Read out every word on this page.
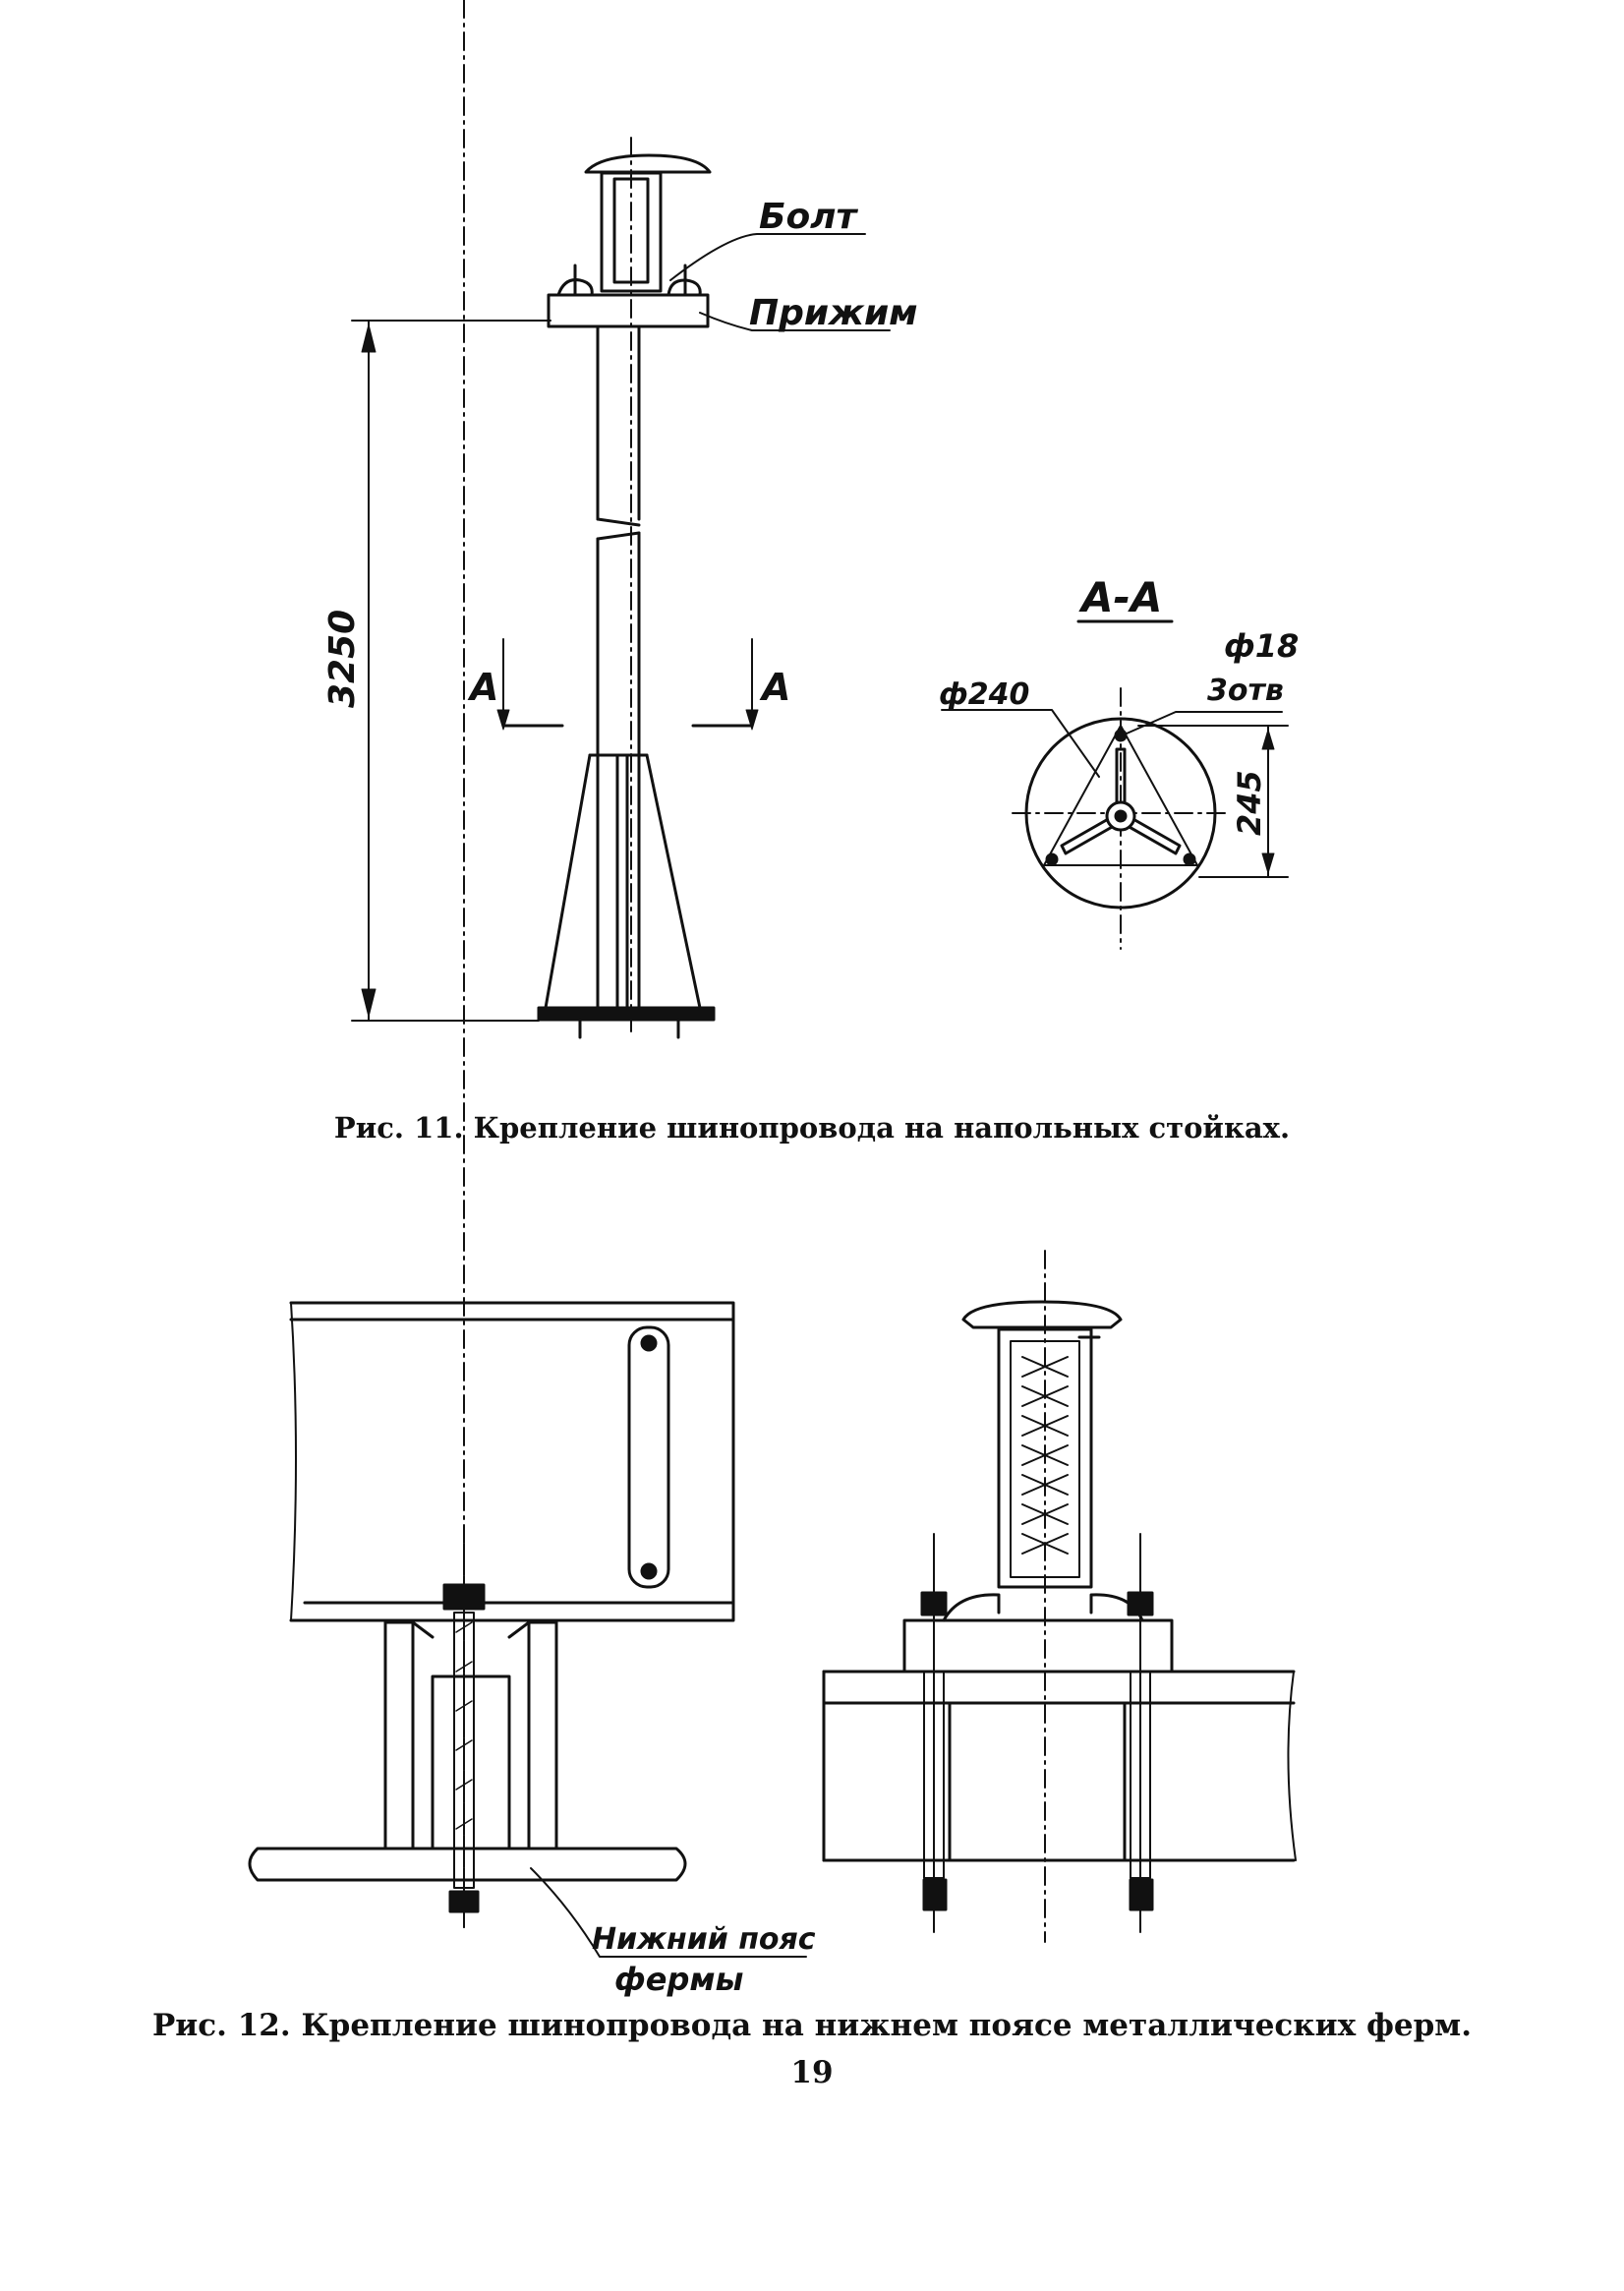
Болт
Прижим
3250	А	А
А-А
ф240
ф18
3отв
245
Нижний пояс
фермы
Рис. 11. Крепление шинопровода на напольных стойках.
Рис. 12. Крепление шинопровода на нижнем поясе металлических ферм.
19
